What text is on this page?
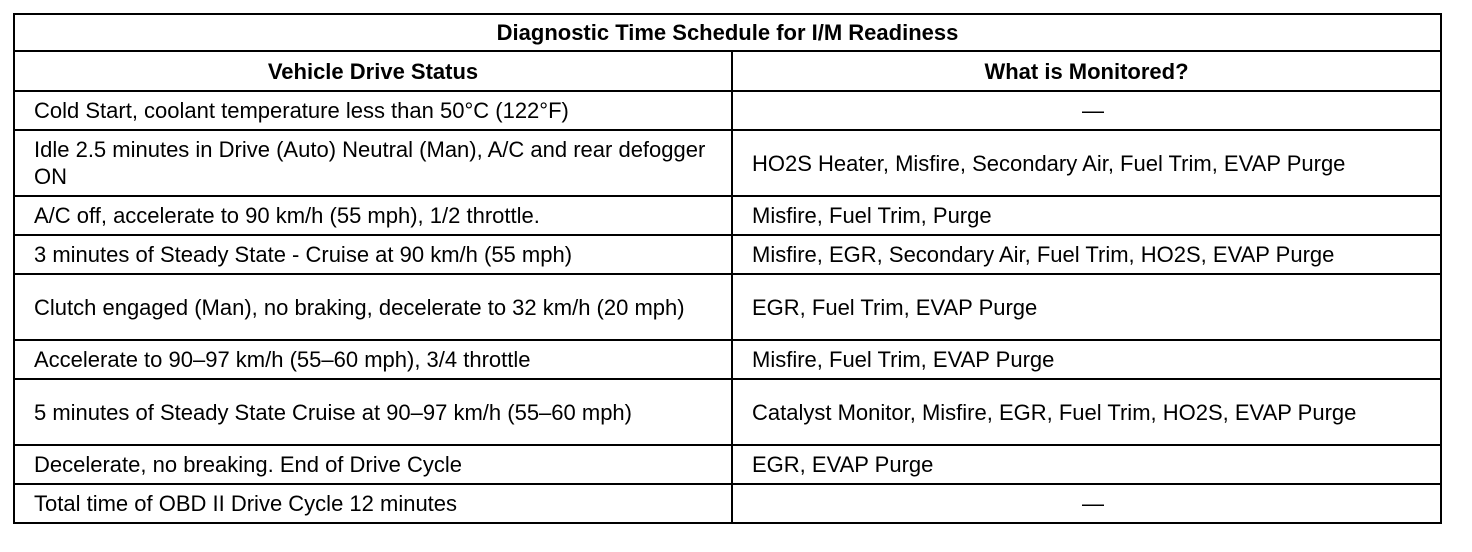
Diagnostic Time Schedule for I/M Readiness	
Vehicle Drive Status	What is Monitored?
Cold Start, coolant temperature less than 50°C (122°F)	—
Idle 2.5 minutes in Drive (Auto) Neutral (Man), A/C and rear defogger ON	HO2S Heater, Misfire, Secondary Air, Fuel Trim, EVAP Purge
A/C off, accelerate to 90 km/h (55 mph), 1/2 throttle.	Misfire, Fuel Trim, Purge
3 minutes of Steady State - Cruise at 90 km/h (55 mph)	Misfire, EGR, Secondary Air, Fuel Trim, HO2S, EVAP Purge
Clutch engaged (Man), no braking, decelerate to 32 km/h (20 mph)	EGR, Fuel Trim, EVAP Purge
Accelerate to 90–97 km/h (55–60 mph), 3/4 throttle	Misfire, Fuel Trim, EVAP Purge
5 minutes of Steady State Cruise at 90–97 km/h (55–60 mph)	Catalyst Monitor, Misfire, EGR, Fuel Trim, HO2S, EVAP Purge
Decelerate, no breaking. End of Drive Cycle	EGR, EVAP Purge
Total time of OBD II Drive Cycle 12 minutes	—
